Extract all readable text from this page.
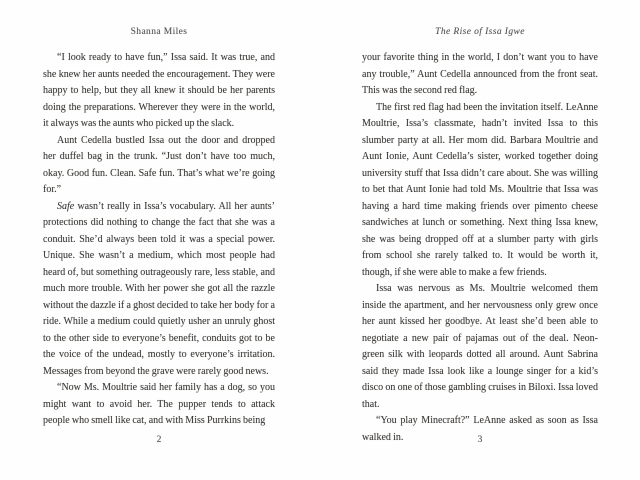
Shanna Miles

“I look ready to have fun,” Issa said. It was true, and she knew her aunts needed the encouragement. They were happy to help, but they all knew it should be her parents doing the preparations. Wherever they were in the world, it always was the aunts who picked up the slack.

Aunt Cedella bustled Issa out the door and dropped her duffel bag in the trunk. “Just don’t have too much, okay. Good fun. Clean. Safe fun. That’s what we’re going for.”

Safe wasn’t really in Issa’s vocabulary. All her aunts’ protections did nothing to change the fact that she was a conduit. She’d always been told it was a special power. Unique. She wasn’t a medium, which most people had heard of, but something outrageously rare, less stable, and much more trouble. With her power she got all the razzle without the dazzle if a ghost decided to take her body for a ride. While a medium could quietly usher an unruly ghost to the other side to everyone’s benefit, conduits got to be the voice of the undead, mostly to everyone’s irritation. Messages from beyond the grave were rarely good news.

“Now Ms. Moultrie said her family has a dog, so you might want to avoid her. The pupper tends to attack people who smell like cat, and with Miss Purrkins being

2
The Rise of Issa Igwe

your favorite thing in the world, I don’t want you to have any trouble,” Aunt Cedella announced from the front seat. This was the second red flag.

The first red flag had been the invitation itself. LeAnne Moultrie, Issa’s classmate, hadn’t invited Issa to this slumber party at all. Her mom did. Barbara Moultrie and Aunt Ionie, Aunt Cedella’s sister, worked together doing university stuff that Issa didn’t care about. She was willing to bet that Aunt Ionie had told Ms. Moultrie that Issa was having a hard time making friends over pimento cheese sandwiches at lunch or something. Next thing Issa knew, she was being dropped off at a slumber party with girls from school she rarely talked to. It would be worth it, though, if she were able to make a few friends.

Issa was nervous as Ms. Moultrie welcomed them inside the apartment, and her nervousness only grew once her aunt kissed her goodbye. At least she’d been able to negotiate a new pair of pajamas out of the deal. Neon-green silk with leopards dotted all around. Aunt Sabrina said they made Issa look like a lounge singer for a kid’s disco on one of those gambling cruises in Biloxi. Issa loved that.

“You play Minecraft?” LeAnne asked as soon as Issa walked in.	3
